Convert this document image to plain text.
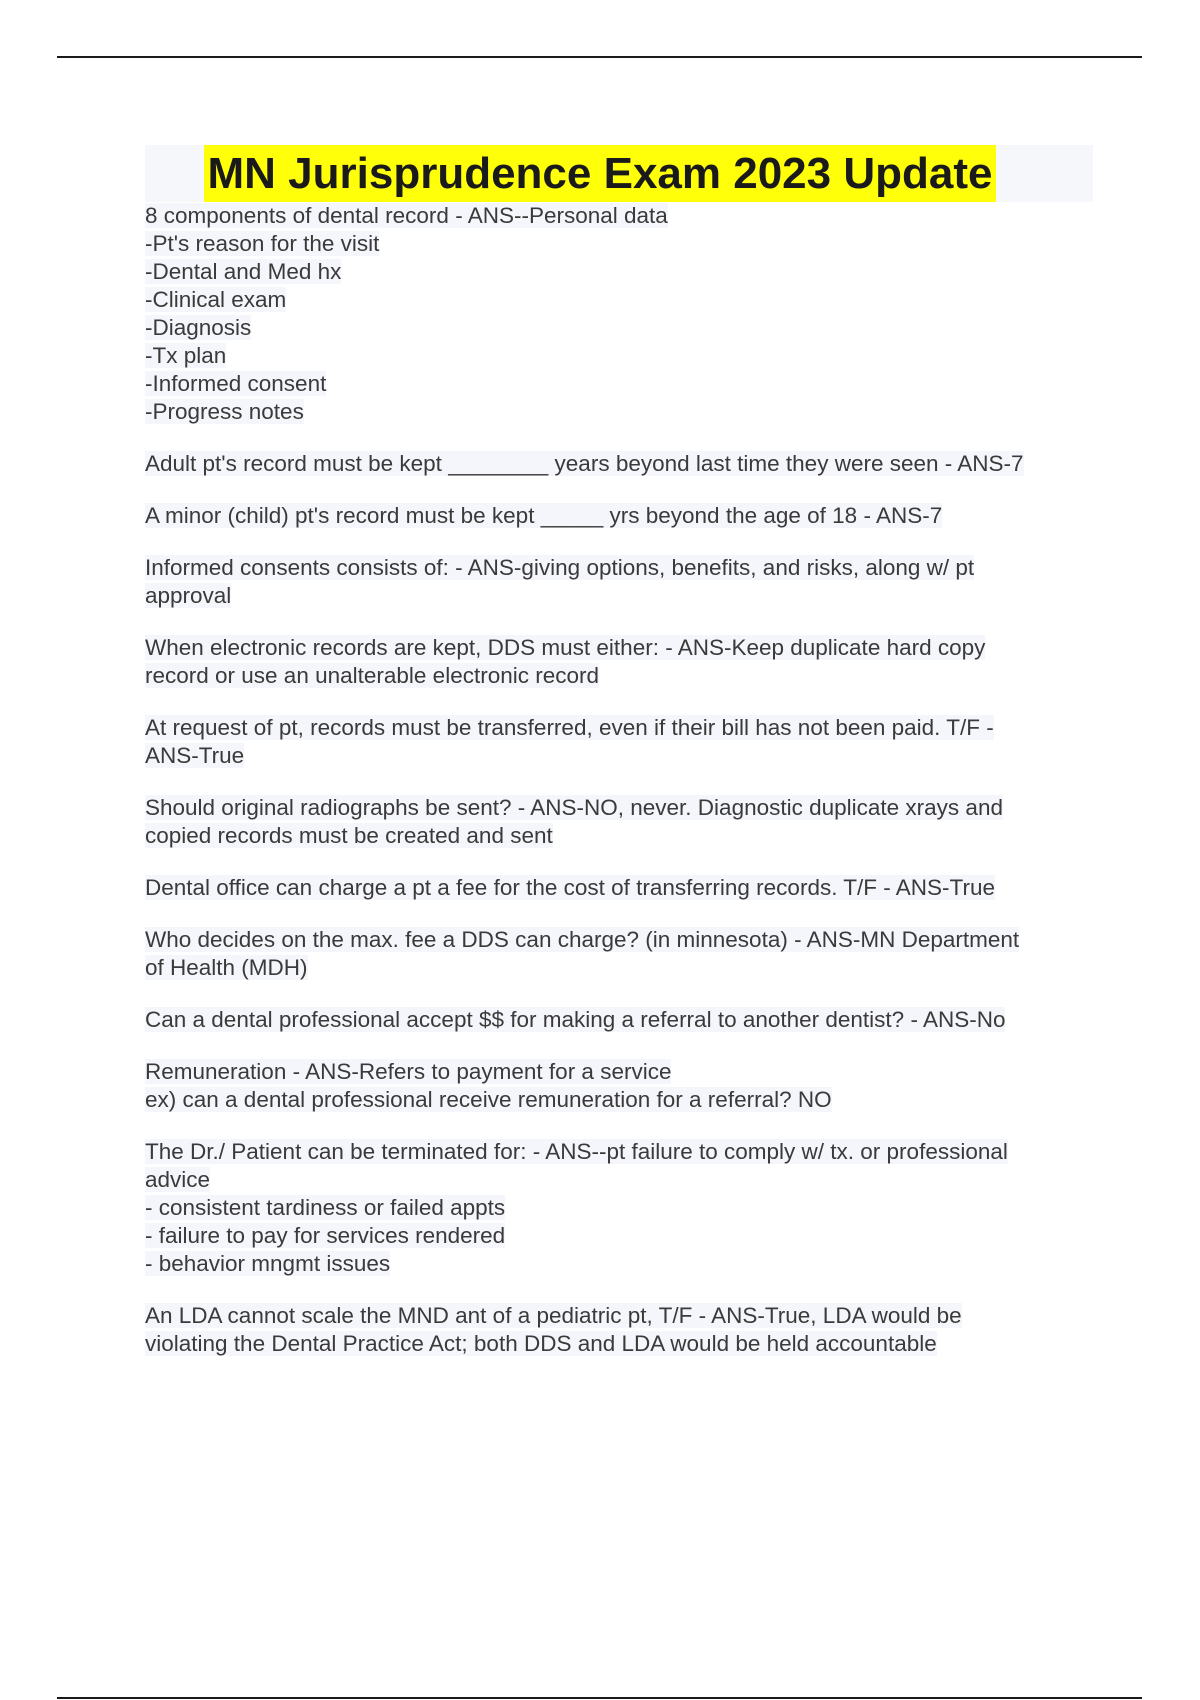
MN Jurisprudence Exam 2023 Update
8 components of dental record - ANS--Personal data
-Pt's reason for the visit
-Dental and Med hx
-Clinical exam
-Diagnosis
-Tx plan
-Informed consent
-Progress notes
Adult pt's record must be kept ________ years beyond last time they were seen - ANS-7
A minor (child) pt's record must be kept _____ yrs beyond the age of 18 - ANS-7
Informed consents consists of: - ANS-giving options, benefits, and risks, along w/ pt
approval
When electronic records are kept, DDS must either: - ANS-Keep duplicate hard copy
record or use an unalterable electronic record
At request of pt, records must be transferred, even if their bill has not been paid. T/F -
ANS-True
Should original radiographs be sent? - ANS-NO, never. Diagnostic duplicate xrays and
copied records must be created and sent
Dental office can charge a pt a fee for the cost of transferring records. T/F - ANS-True
Who decides on the max. fee a DDS can charge? (in minnesota) - ANS-MN Department
of Health (MDH)
Can a dental professional accept $$ for making a referral to another dentist? - ANS-No
Remuneration - ANS-Refers to payment for a service
ex) can a dental professional receive remuneration for a referral? NO
The Dr./ Patient can be terminated for: - ANS--pt failure to comply w/ tx. or professional
advice
- consistent tardiness or failed appts
- failure to pay for services rendered
- behavior mngmt issues
An LDA cannot scale the MND ant of a pediatric pt, T/F - ANS-True, LDA would be
violating the Dental Practice Act; both DDS and LDA would be held accountable
